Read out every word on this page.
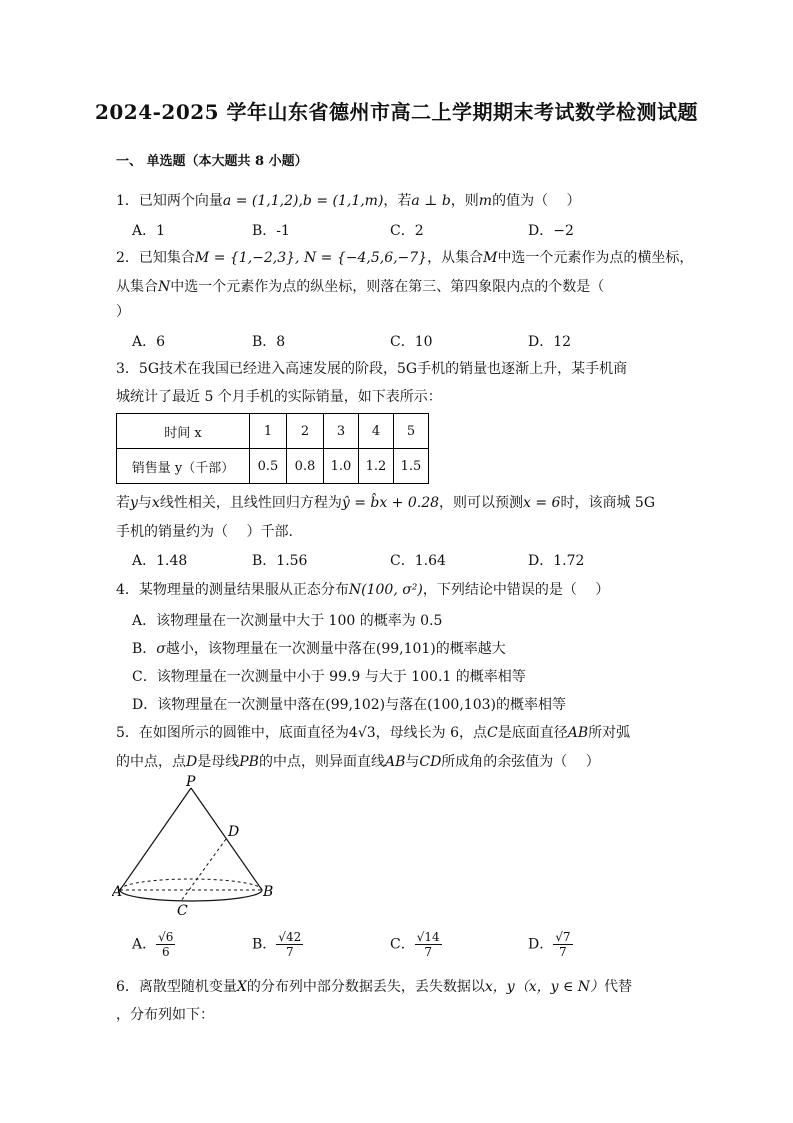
2024-2025 学年山东省德州市高二上学期期末考试数学检测试题
一、 单选题（本大题共 8 小题）
1．已知两个向量a = (1,1,2),b = (1,1,m)，若a ⊥ b，则m的值为（　 ）
A．1	B．-1	C．2	D．−2
2．已知集合M = {1,−2,3}, N = {−4,5,6,−7}，从集合M中选一个元素作为点的横坐标，
从集合N中选一个元素作为点的纵坐标，则落在第三、第四象限内点的个数是（
）
A．6	B．8	C．10	D．12
3．5G技术在我国已经进入高速发展的阶段，5G手机的销量也逐渐上升，某手机商
城统计了最近 5 个月手机的实际销量，如下表所示：
时间 x	1	2	3	4	5
销售量 y（千部）	0.5	0.8	1.0	1.2	1.5
若y与x线性相关，且线性回归方程为ŷ = b̂x + 0.28，则可以预测x = 6时，该商城 5G
手机的销量约为（　 ）千部.
A．1.48	B．1.56	C．1.64	D．1.72
4．某物理量的测量结果服从正态分布N(100, σ²)，下列结论中错误的是（　 ）
A．该物理量在一次测量中大于 100 的概率为 0.5
B．σ越小，该物理量在一次测量中落在(99,101)的概率越大
C．该物理量在一次测量中小于 99.9 与大于 100.1 的概率相等
D．该物理量在一次测量中落在(99,102)与落在(100,103)的概率相等
5．在如图所示的圆锥中，底面直径为4√3，母线长为 6，点C是底面直径AB所对弧
的中点，点D是母线PB的中点，则异面直线AB与CD所成角的余弦值为（　 ）
P
D
A	B
C
A． $\frac{√6}{6}$	B． $\frac{√42}{7}$	C． $\frac{√14}{7}$	D． $\frac{√7}{7}$
6．离散型随机变量X的分布列中部分数据丢失，丢失数据以x，y（x，y ∈ N）代替
，分布列如下：
